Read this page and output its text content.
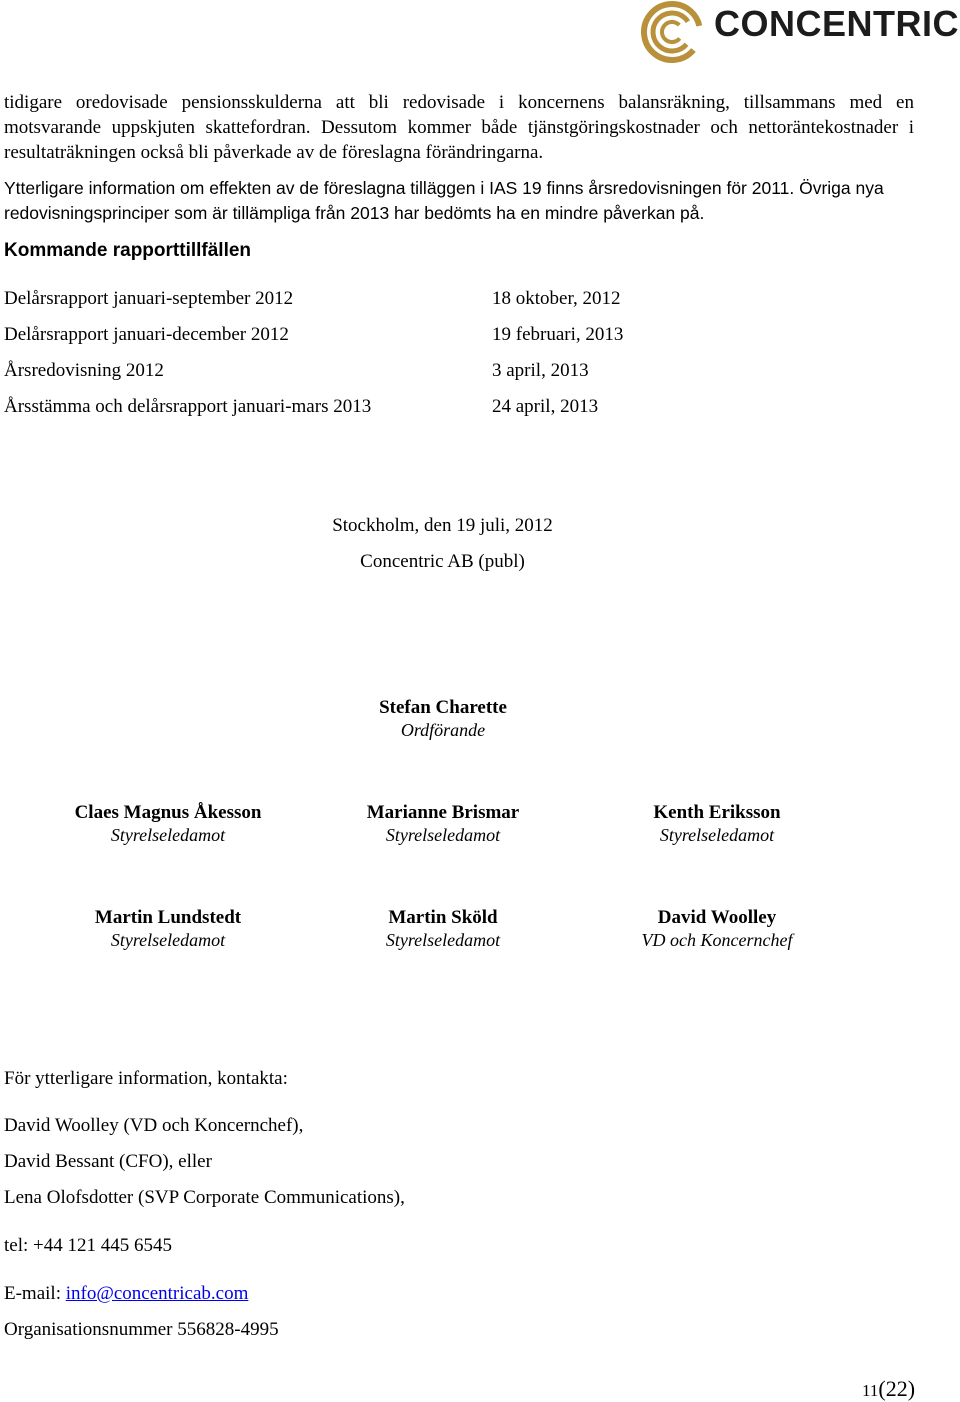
CONCENTRIC

tidigare oredovisade pensionsskulderna att bli redovisade i koncernens balansräkning, tillsammans med en motsvarande uppskjuten skattefordran. Dessutom kommer både tjänstgöringskostnader och nettoräntekostnader i resultaträkningen också bli påverkade av de föreslagna förändringarna.

Ytterligare information om effekten av de föreslagna tilläggen i IAS 19 finns årsredovisningen för 2011. Övriga nya redovisningsprinciper som är tillämpliga från 2013 har bedömts ha en mindre påverkan på.

Kommande rapporttillfällen
Delårsrapport januari-september 2012	18 oktober, 2012
Delårsrapport januari-december 2012	19 februari, 2013
Årsredovisning 2012	3 april, 2013
Årsstämma och delårsrapport januari-mars 2013	24 april, 2013
Stockholm, den 19 juli, 2012
Concentric AB (publ)
Stefan Charette
Ordförande
Claes Magnus Åkesson
Styrelseledamot
Marianne Brismar
Styrelseledamot
Kenth Eriksson
Styrelseledamot
Martin Lundstedt
Styrelseledamot
Martin Sköld
Styrelseledamot
David Woolley
VD och Koncernchef
För ytterligare information, kontakta:
David Woolley (VD och Koncernchef),
David Bessant (CFO), eller
Lena Olofsdotter (SVP Corporate Communications),
tel: +44 121 445 6545
E-mail: info@concentricab.com
Organisationsnummer 556828-4995
11(22)
